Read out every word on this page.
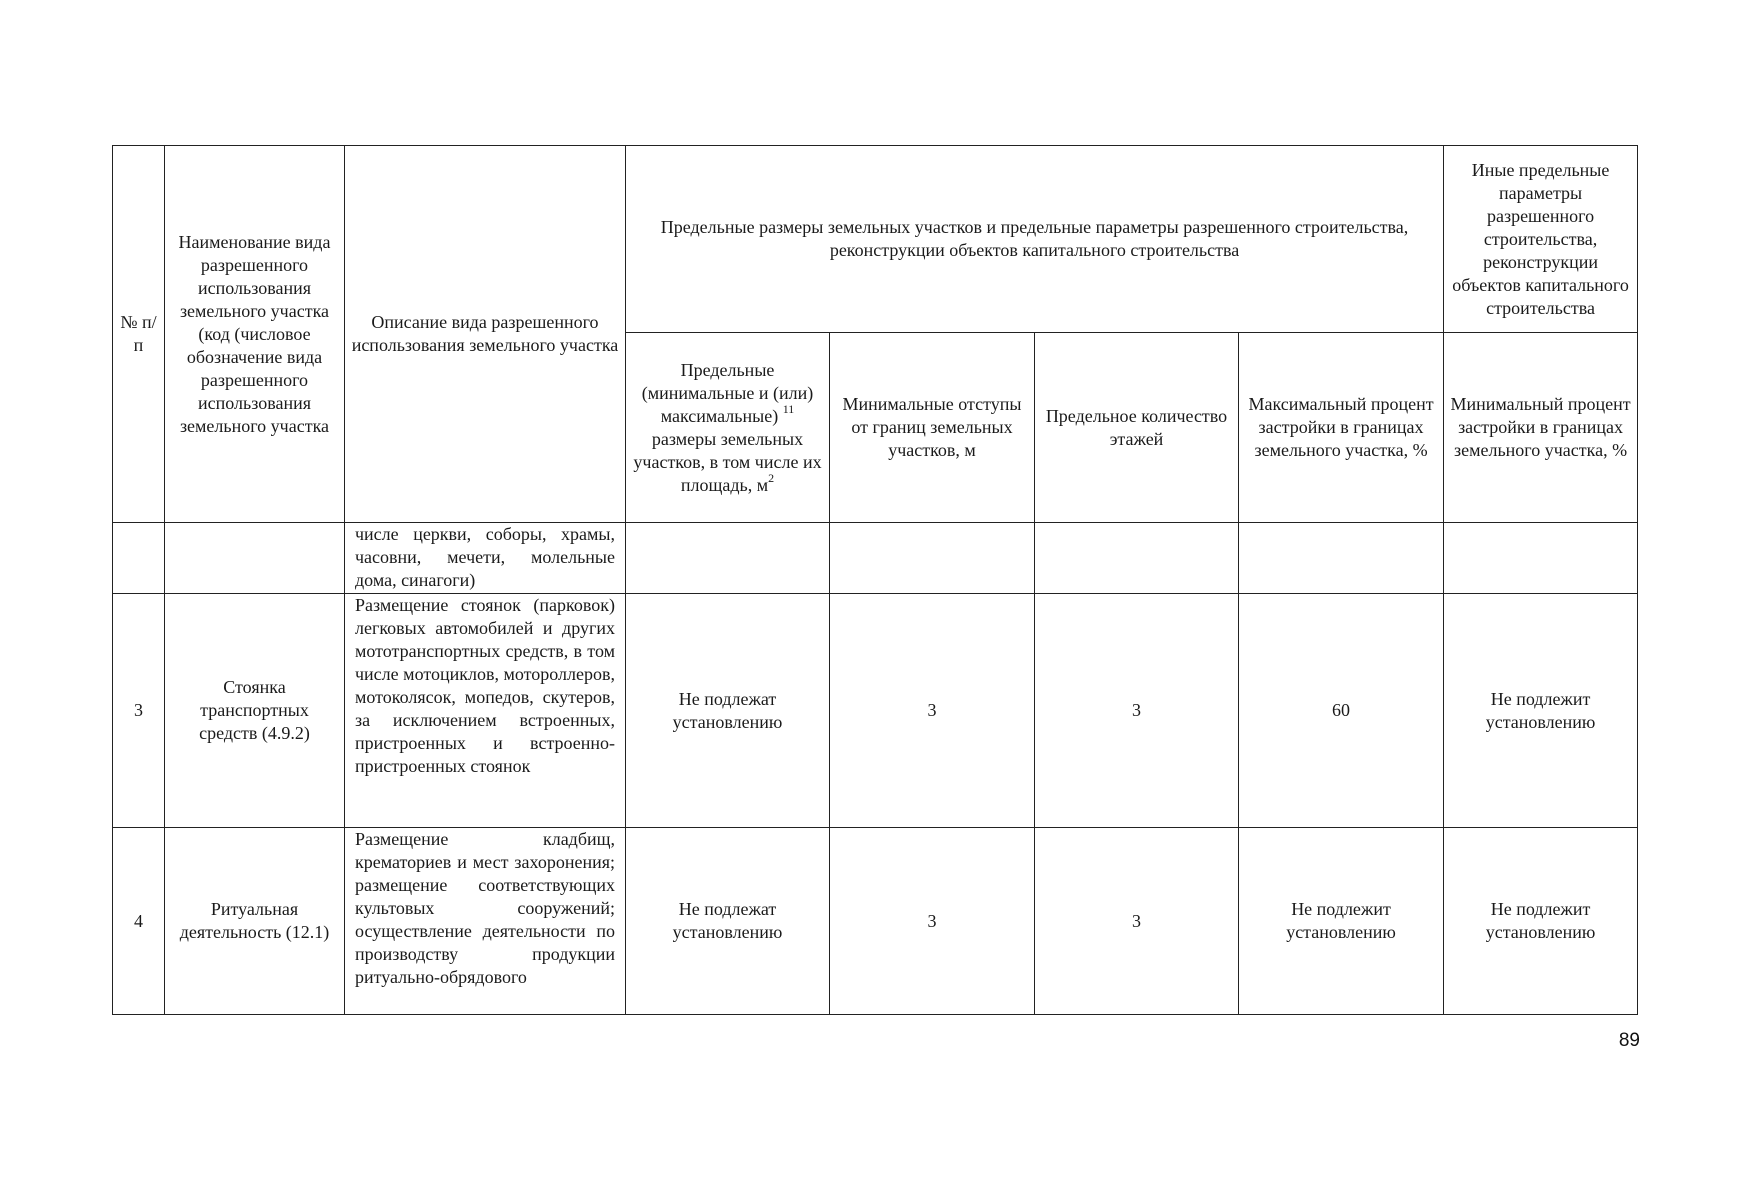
№ п/п	Наименование вида разрешенного использования земельного участка (код (числовое обозначение вида разрешенного использования земельного участка	Описание вида разрешенного использования земельного участка	Предельные размеры земельных участков и предельные параметры разрешенного строительства, реконструкции объектов капитального строительства				Иные предельные параметры разрешенного строительства, реконструкции объектов капитального строительства
			Предельные (минимальные и (или) максимальные) $^{11}$ размеры земельных участков, в том числе их площадь, $м^2$	Минимальные отступы от границ земельных участков, м	Предельное количество этажей	Максимальный процент застройки в границах земельного участка, %	Минимальный процент застройки в границах земельного участка, %
		числе церкви, соборы, храмы, часовни, мечети, молельные дома, синагоги)					
3	Стоянка транспортных средств (4.9.2)	Размещение стоянок (парковок) легковых автомобилей и других мототранспортных средств, в том числе мотоциклов, мотороллеров, мотоколясок, мопедов, скутеров, за исключением встроенных, пристроенных и встроенно-пристроенных стоянок	Не подлежат установлению	3	3	60	Не подлежит установлению
4	Ритуальная деятельность (12.1)	Размещение кладбищ, крематориев и мест захоронения; размещение соответствующих культовых сооружений; осуществление деятельности по производству продукции ритуально-обрядового	Не подлежат установлению	3	3	Не подлежит установлению	Не подлежит установлению
89
